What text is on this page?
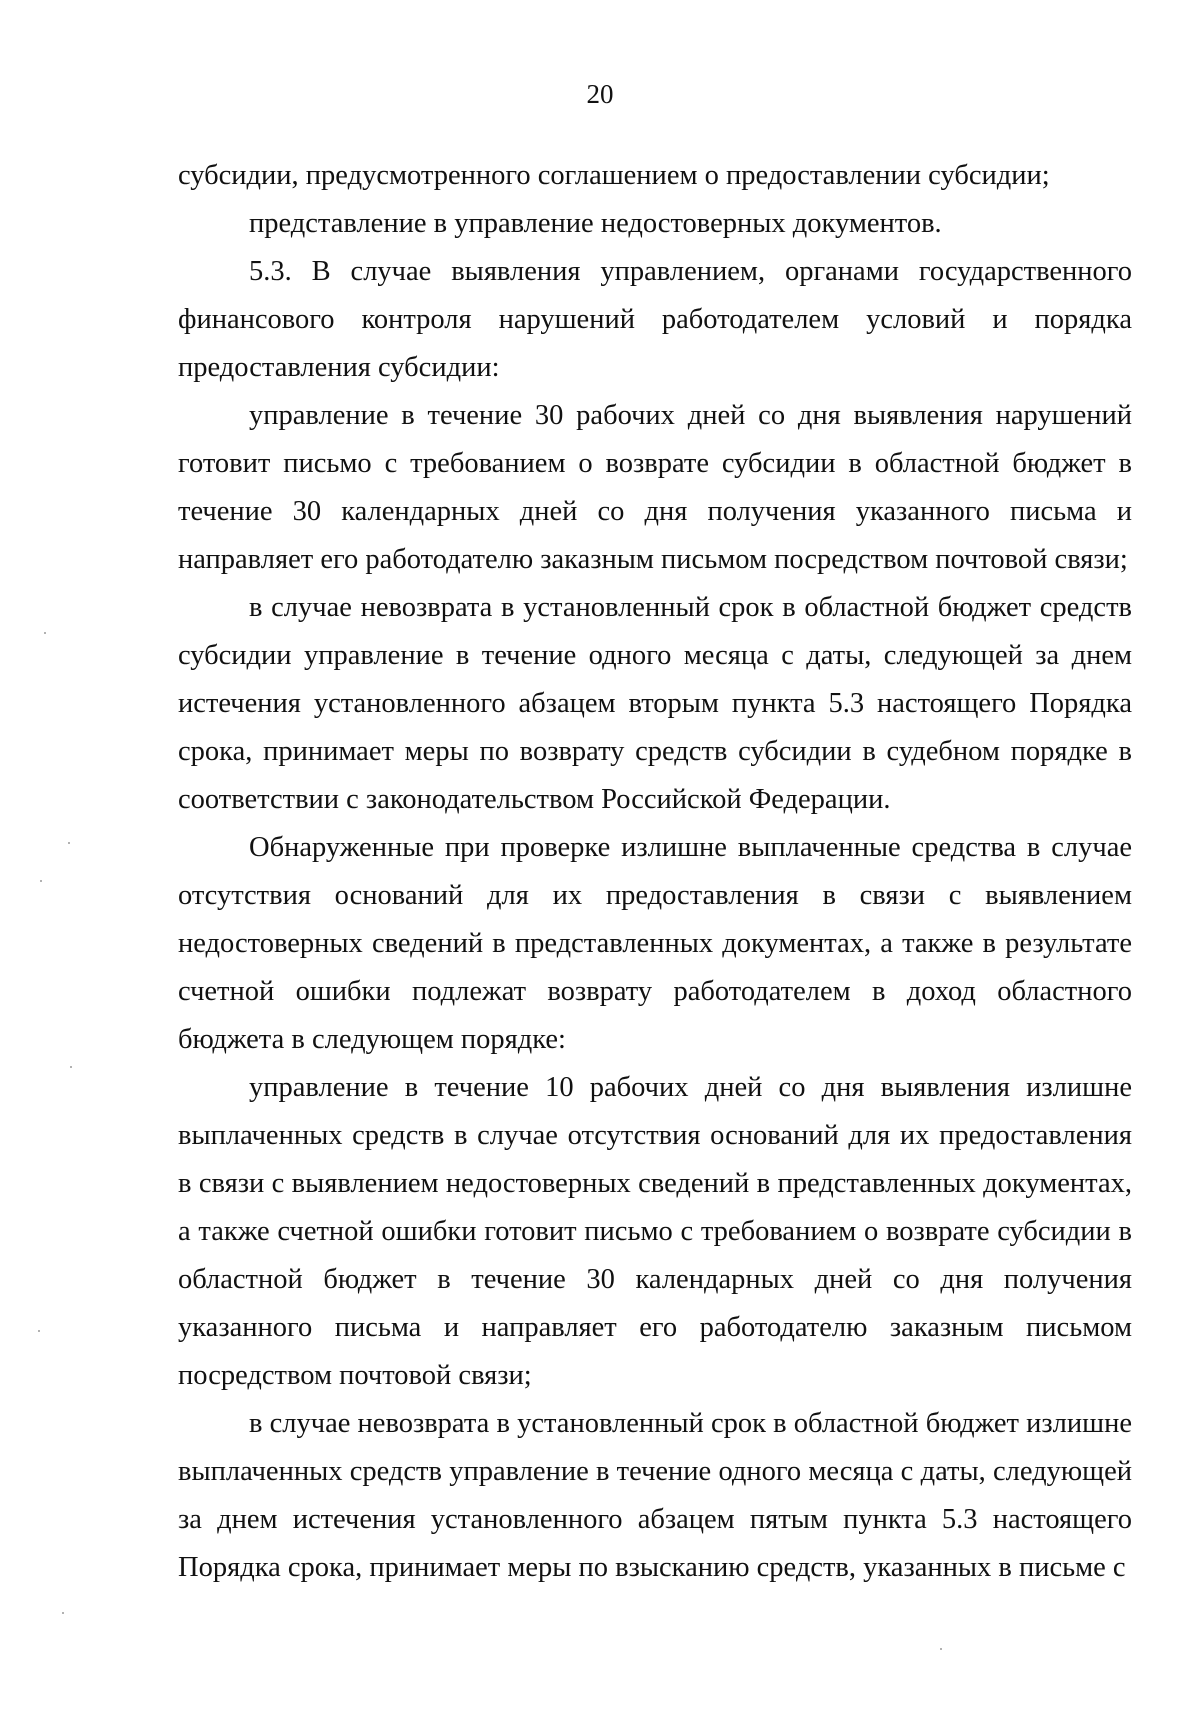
20

субсидии, предусмотренного соглашением о предоставлении субсидии;

представление в управление недостоверных документов.

5.3. В случае выявления управлением, органами государственного финансового контроля нарушений работодателем условий и порядка предоставления субсидии:

управление в течение 30 рабочих дней со дня выявления нарушений готовит письмо с требованием о возврате субсидии в областной бюджет в течение 30 календарных дней со дня получения указанного письма и направляет его работодателю заказным письмом посредством почтовой связи;

в случае невозврата в установленный срок в областной бюджет средств субсидии управление в течение одного месяца с даты, следующей за днем истечения установленного абзацем вторым пункта 5.3 настоящего Порядка срока, принимает меры по возврату средств субсидии в судебном порядке в соответствии с законодательством Российской Федерации.

Обнаруженные при проверке излишне выплаченные средства в случае отсутствия оснований для их предоставления в связи с выявлением недостоверных сведений в представленных документах, а также в результате счетной ошибки подлежат возврату работодателем в доход областного бюджета в следующем порядке:

управление в течение 10 рабочих дней со дня выявления излишне выплаченных средств в случае отсутствия оснований для их предоставления в связи с выявлением недостоверных сведений в представленных документах, а также счетной ошибки готовит письмо с требованием о возврате субсидии в областной бюджет в течение 30 календарных дней со дня получения указанного письма и направляет его работодателю заказным письмом посредством почтовой связи;

в случае невозврата в установленный срок в областной бюджет излишне выплаченных средств управление в течение одного месяца с даты, следующей за днем истечения установленного абзацем пятым пункта 5.3 настоящего Порядка срока, принимает меры по взысканию средств, указанных в письме с
